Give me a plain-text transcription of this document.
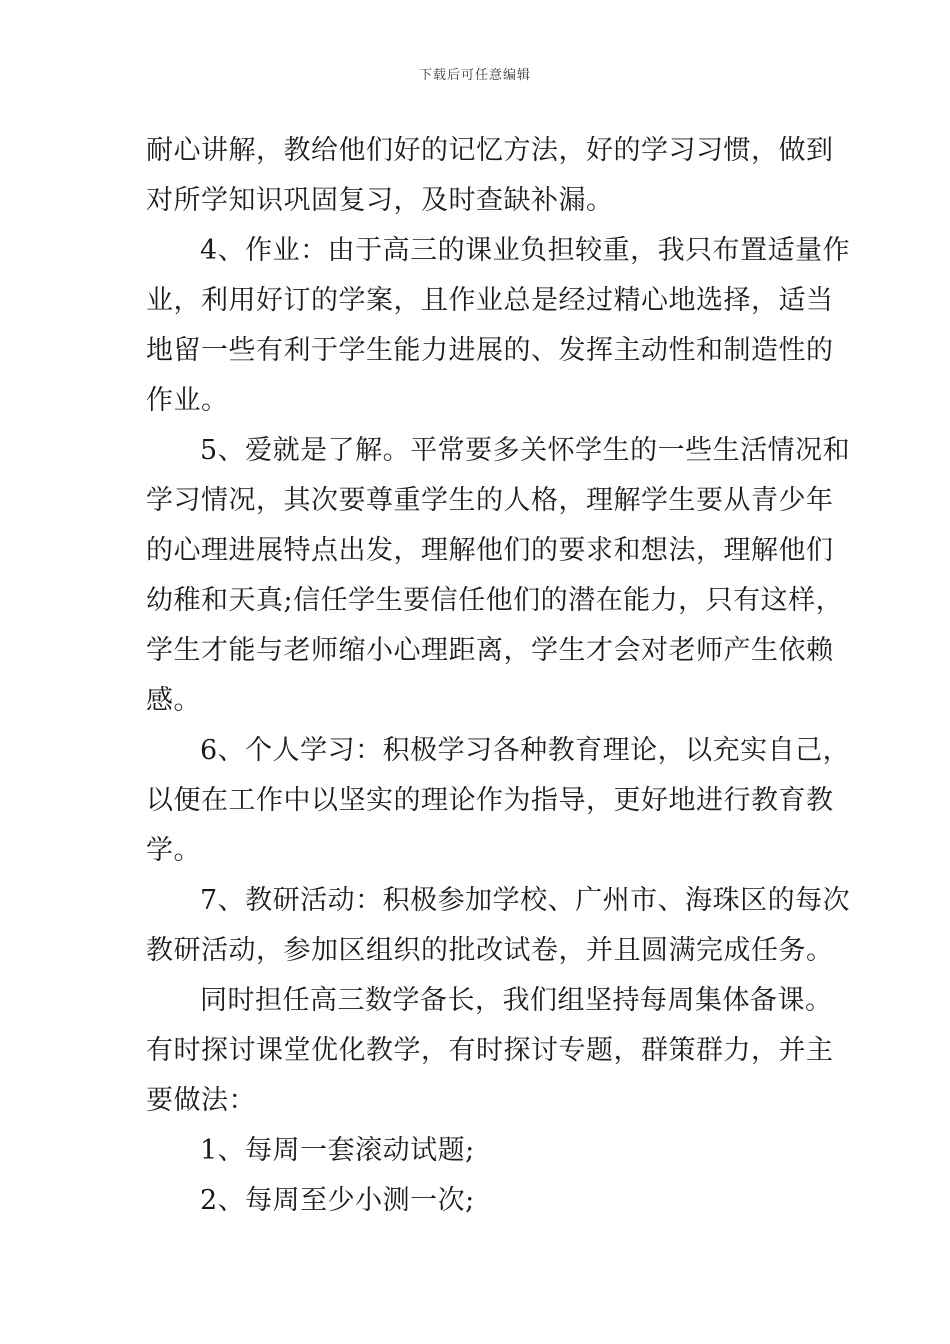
下载后可任意编辑
耐心讲解，教给他们好的记忆方法，好的学习习惯，做到
对所学知识巩固复习，及时查缺补漏。
4、作业：由于高三的课业负担较重，我只布置适量作
业，利用好订的学案，且作业总是经过精心地选择，适当
地留一些有利于学生能力进展的、发挥主动性和制造性的
作业。
5、爱就是了解。平常要多关怀学生的一些生活情况和
学习情况，其次要尊重学生的人格，理解学生要从青少年
的心理进展特点出发，理解他们的要求和想法，理解他们
幼稚和天真;信任学生要信任他们的潜在能力，只有这样，
学生才能与老师缩小心理距离，学生才会对老师产生依赖
感。
6、个人学习：积极学习各种教育理论，以充实自己，
以便在工作中以坚实的理论作为指导，更好地进行教育教
学。
7、教研活动：积极参加学校、广州市、海珠区的每次
教研活动，参加区组织的批改试卷，并且圆满完成任务。
同时担任高三数学备长，我们组坚持每周集体备课。
有时探讨课堂优化教学，有时探讨专题，群策群力，并主
要做法：
1、每周一套滚动试题;
2、每周至少小测一次;
